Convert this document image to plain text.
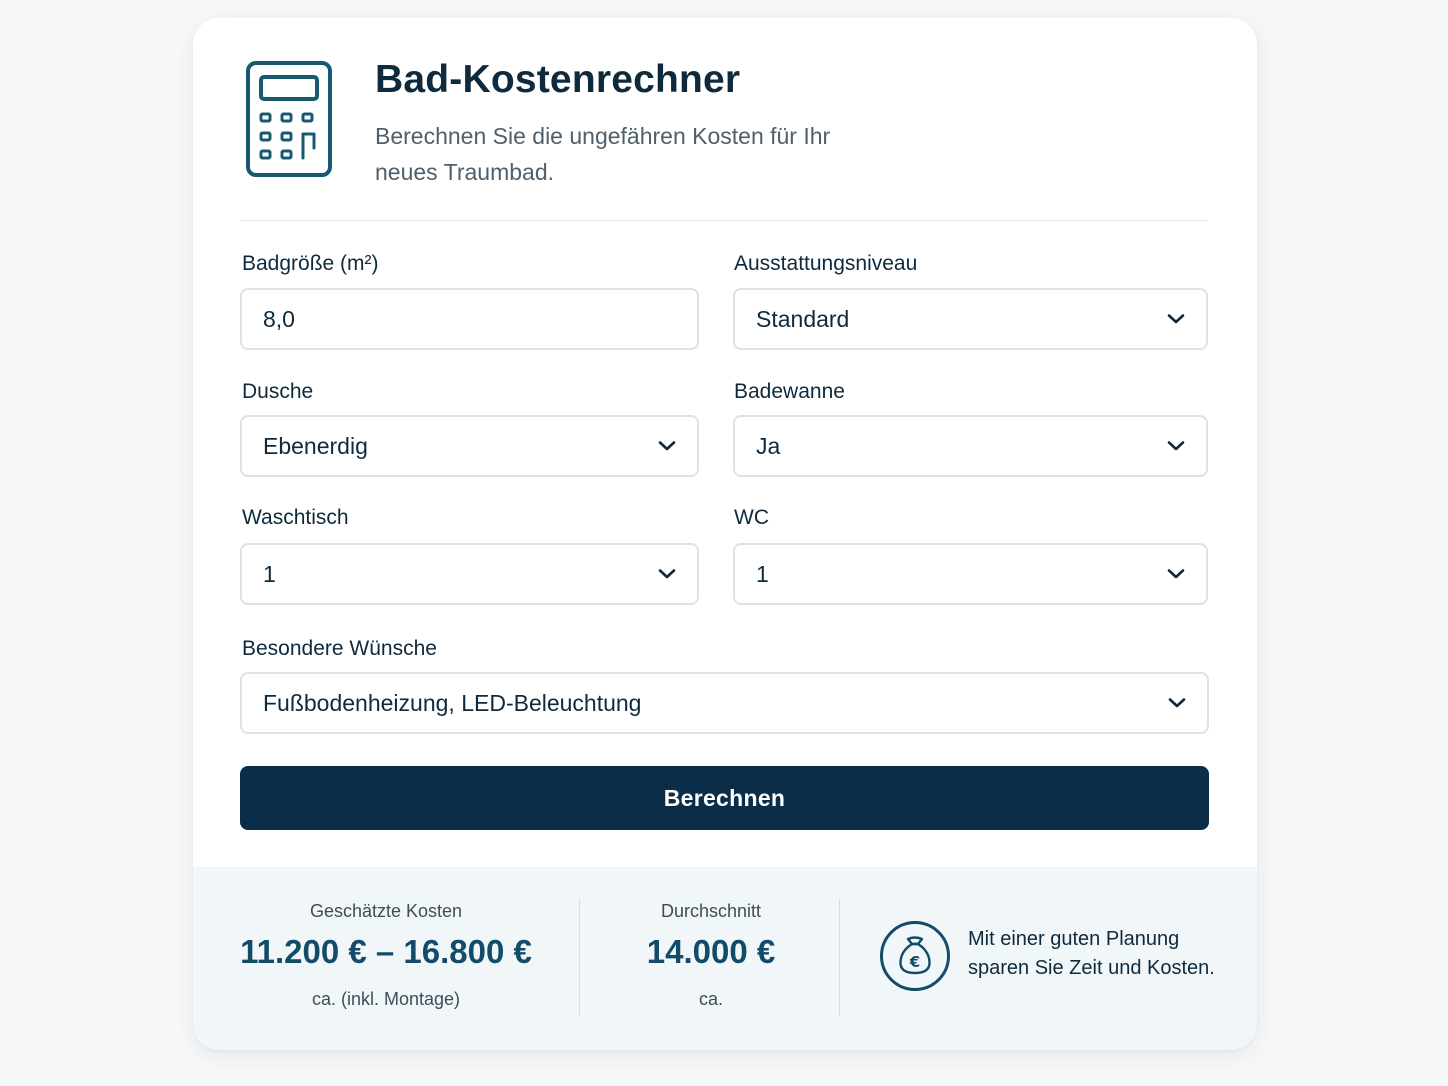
Bad-Kostenrechner
Berechnen Sie die ungefähren Kosten für Ihr neues Traumbad.
Badgröße (m²)
8,0
Ausstattungsniveau
Standard
Dusche
Ebenerdig
Badewanne
Ja
Waschtisch
1
WC
1
Besondere Wünsche
Fußbodenheizung, LED-Beleuchtung
Berechnen
Geschätzte Kosten
11.200 € – 16.800 €
ca. (inkl. Montage)
Durchschnitt
14.000 €
ca.
€
Mit einer guten Planung sparen Sie Zeit und Kosten.
